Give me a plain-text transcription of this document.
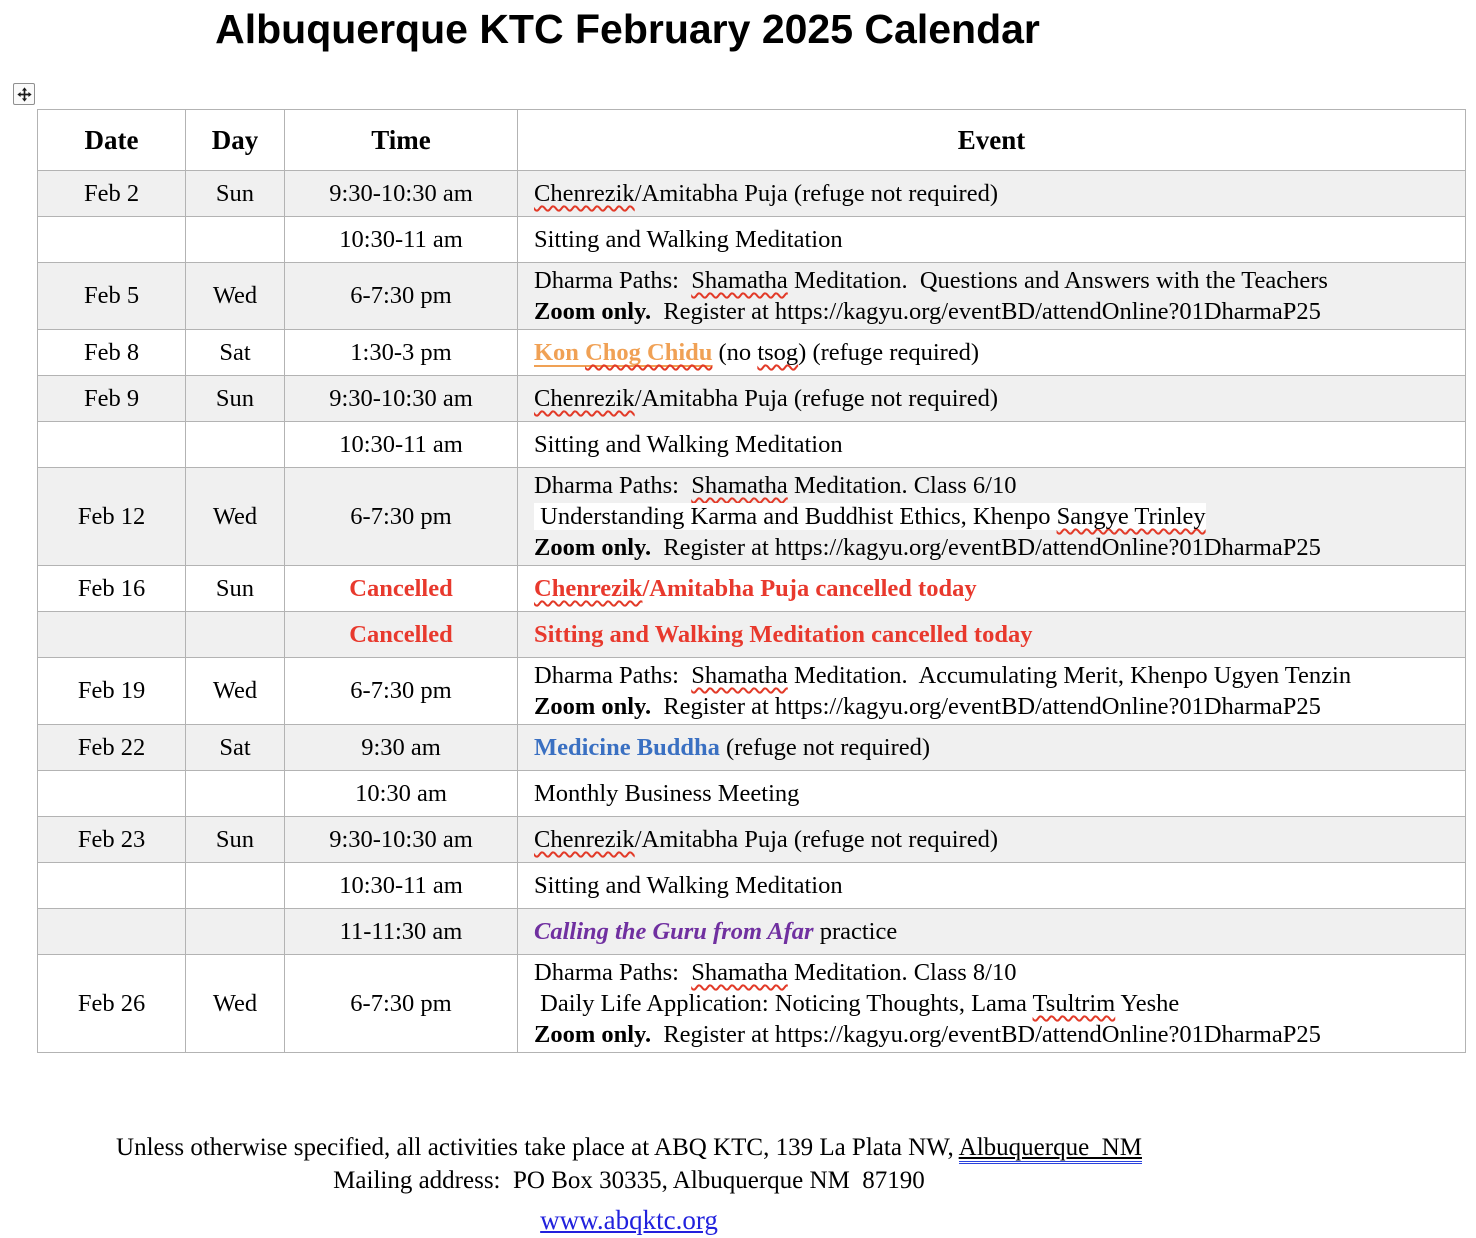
Albuquerque KTC February 2025 Calendar
Date	Day	Time	Event
Feb 2	Sun	9:30-10:30 am	Chenrezik/Amitabha Puja (refuge not required)

		10:30-11 am	Sitting and Walking Meditation

Feb 5	Wed	6-7:30 pm	Dharma Paths:  Shamatha Meditation.  Questions and Answers with the Teachers
Zoom only.  Register at https://kagyu.org/eventBD/attendOnline?01DharmaP25

Feb 8	Sat	1:30-3 pm	Kon Chog Chidu (no tsog) (refuge required)

Feb 9	Sun	9:30-10:30 am	Chenrezik/Amitabha Puja (refuge not required)

		10:30-11 am	Sitting and Walking Meditation

Feb 12	Wed	6-7:30 pm	Dharma Paths:  Shamatha Meditation. Class 6/10
Understanding Karma and Buddhist Ethics, Khenpo Sangye Trinley
Zoom only.  Register at https://kagyu.org/eventBD/attendOnline?01DharmaP25

Feb 16	Sun	Cancelled	Chenrezik/Amitabha Puja cancelled today

		Cancelled	Sitting and Walking Meditation cancelled today

Feb 19	Wed	6-7:30 pm	Dharma Paths:  Shamatha Meditation.  Accumulating Merit, Khenpo Ugyen Tenzin
Zoom only.  Register at https://kagyu.org/eventBD/attendOnline?01DharmaP25

Feb 22	Sat	9:30 am	Medicine Buddha (refuge not required)

		10:30 am	Monthly Business Meeting

Feb 23	Sun	9:30-10:30 am	Chenrezik/Amitabha Puja (refuge not required)

		10:30-11 am	Sitting and Walking Meditation

		11-11:30 am	Calling the Guru from Afar practice

Feb 26	Wed	6-7:30 pm	Dharma Paths:  Shamatha Meditation. Class 8/10
Daily Life Application: Noticing Thoughts, Lama Tsultrim Yeshe
Zoom only.  Register at https://kagyu.org/eventBD/attendOnline?01DharmaP25

Unless otherwise specified, all activities take place at ABQ KTC, 139 La Plata NW, Albuquerque  NM

Mailing address:  PO Box 30335, Albuquerque NM  87190

www.abqktc.org
